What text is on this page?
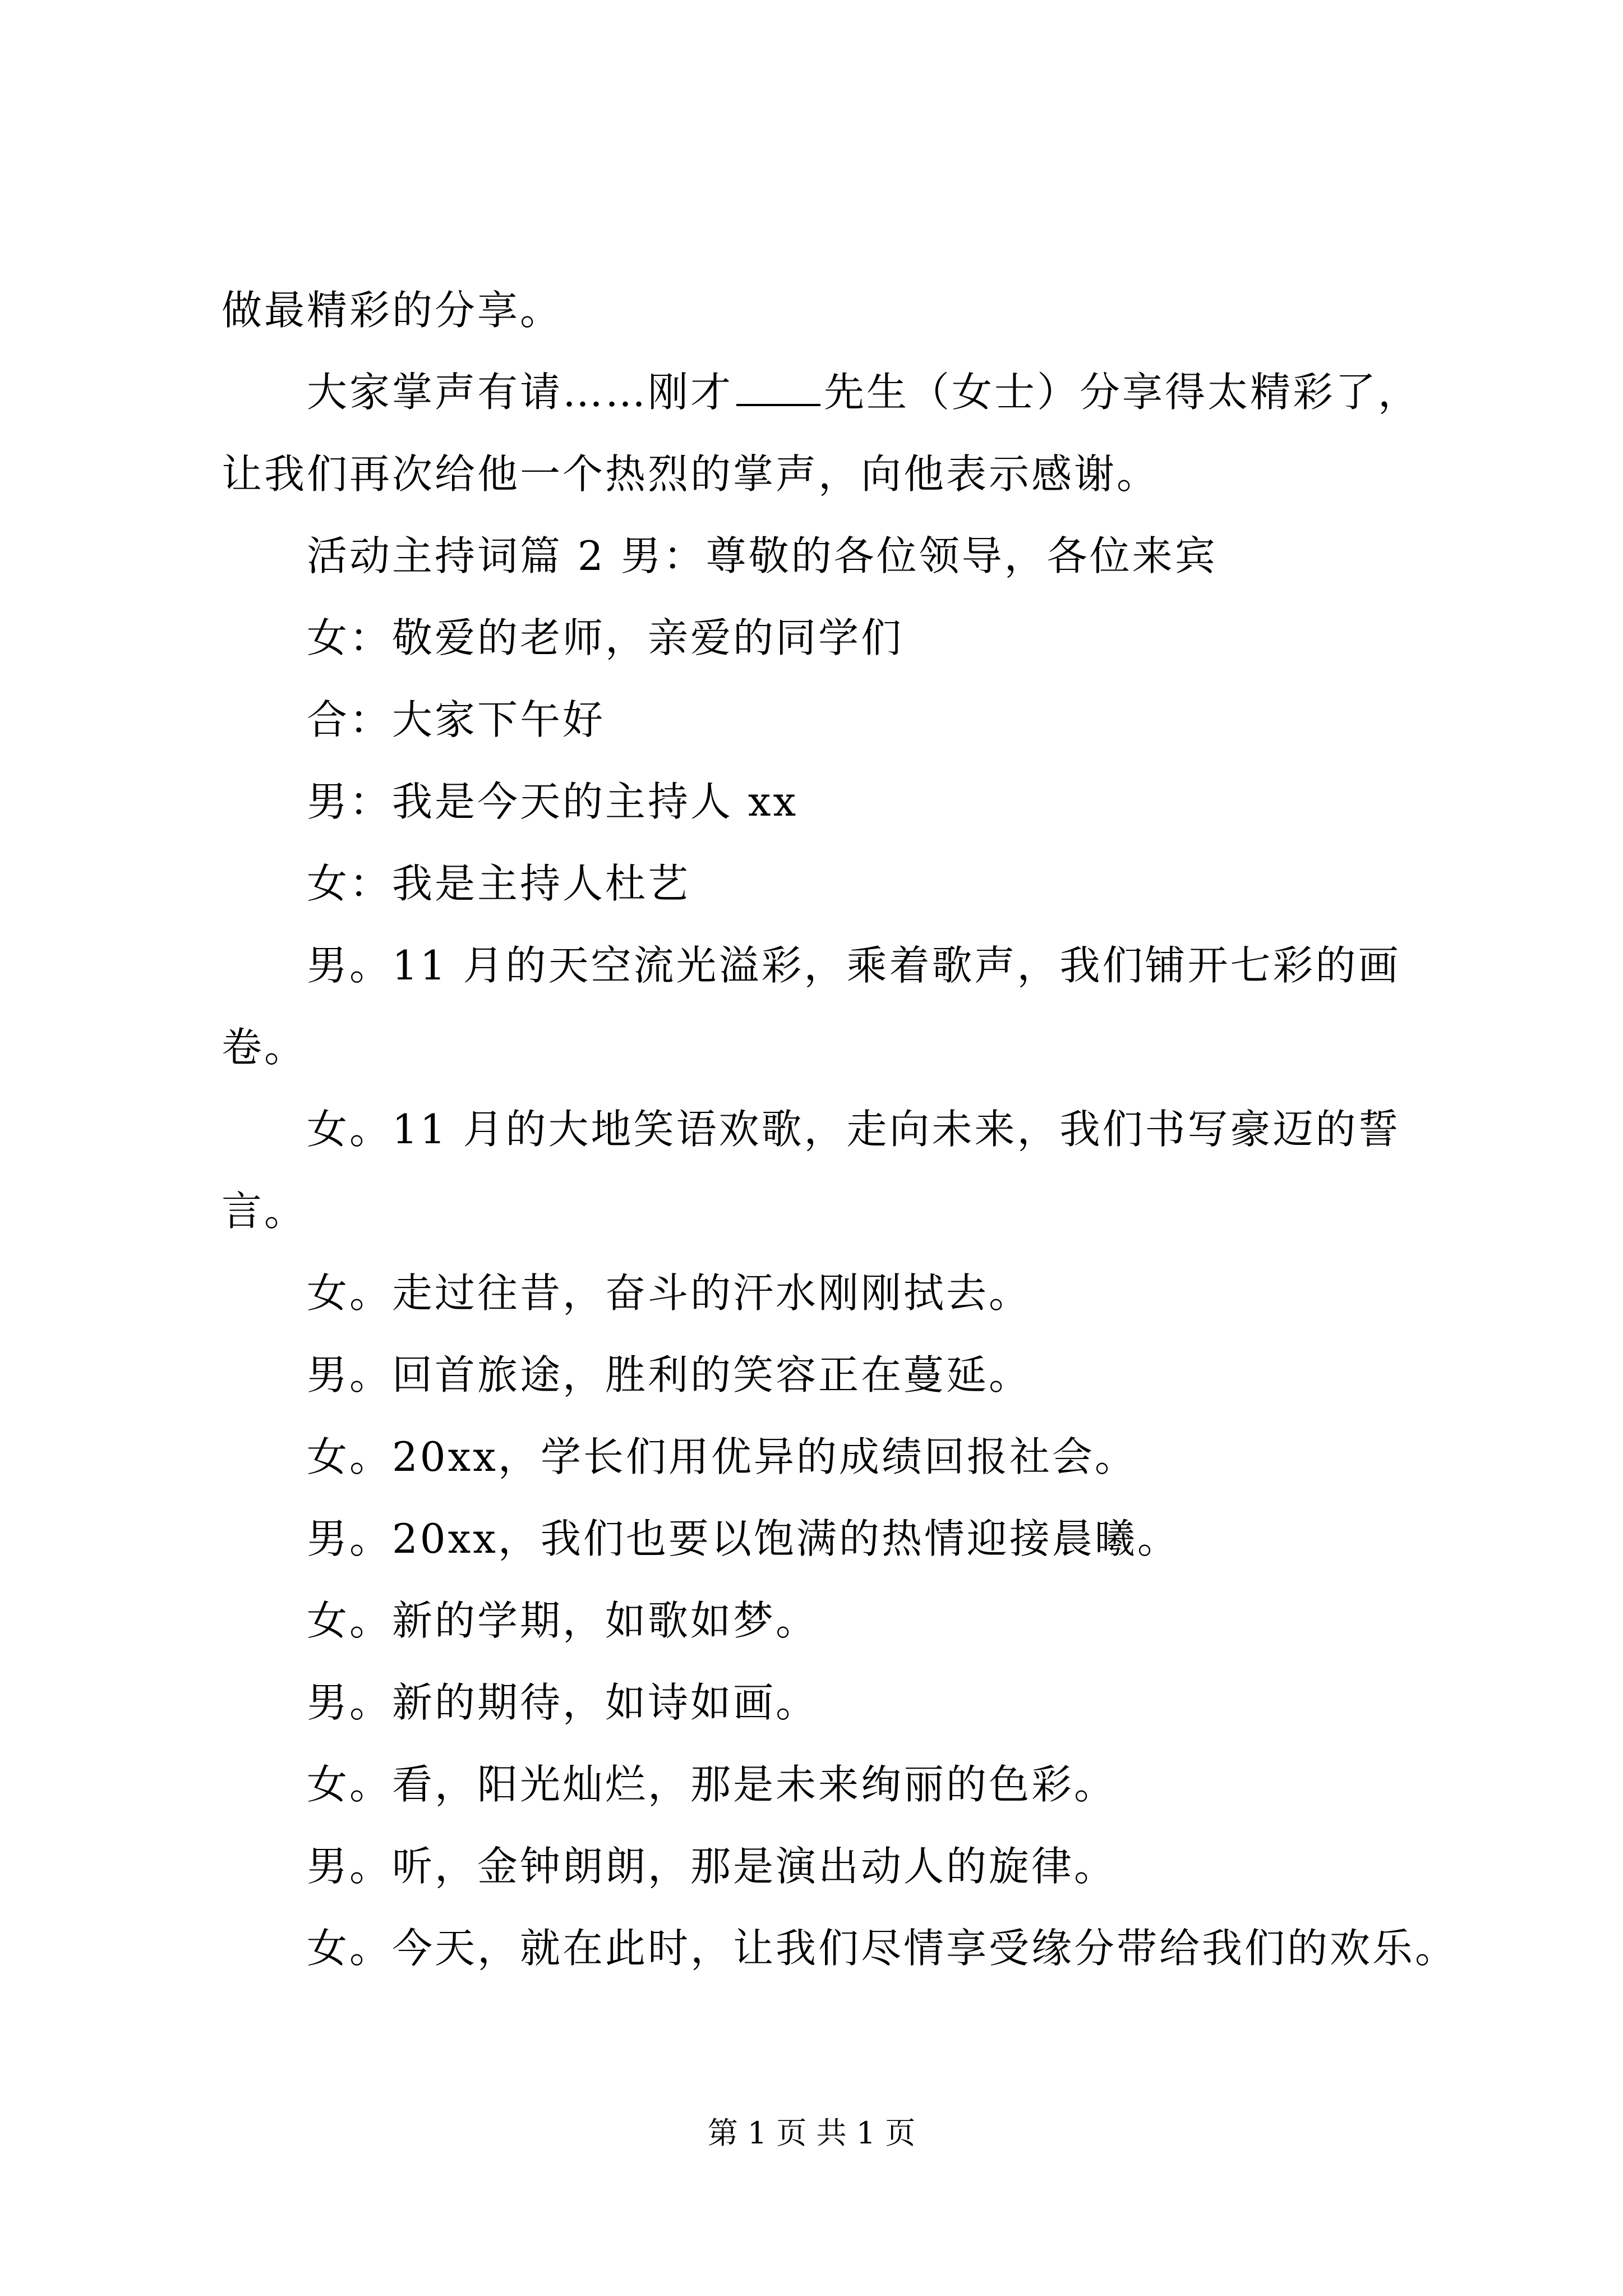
做最精彩的分享。
大家掌声有请……刚才 先生（女士）分享得太精彩了，
让我们再次给他一个热烈的掌声，向他表示感谢。
活动主持词篇 2 男：尊敬的各位领导，各位来宾
女：敬爱的老师，亲爱的同学们
合：大家下午好
男：我是今天的主持人 xx
女：我是主持人杜艺
男。11 月的天空流光溢彩，乘着歌声，我们铺开七彩的画
卷。
女。11 月的大地笑语欢歌，走向未来，我们书写豪迈的誓
言。
女。走过往昔，奋斗的汗水刚刚拭去。
男。回首旅途，胜利的笑容正在蔓延。
女。20xx，学长们用优异的成绩回报社会。
男。20xx，我们也要以饱满的热情迎接晨曦。
女。新的学期，如歌如梦。
男。新的期待，如诗如画。
女。看，阳光灿烂，那是未来绚丽的色彩。
男。听，金钟朗朗，那是演出动人的旋律。
女。今天，就在此时，让我们尽情享受缘分带给我们的欢乐。
第 1 页 共 1 页
